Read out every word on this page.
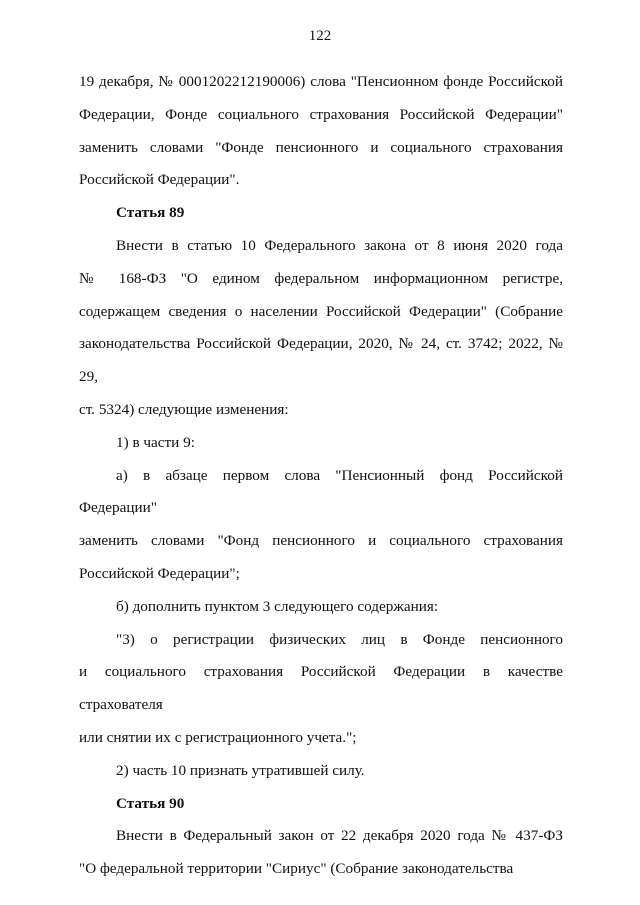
122
19 декабря, № 0001202212190006) слова "Пенсионном фонде Российской
Федерации, Фонде социального страхования Российской Федерации"
заменить словами "Фонде пенсионного и социального страхования
Российской Федерации".

Статья 89

Внести в статью 10 Федерального закона от 8 июня 2020 года
№ 168-ФЗ "О едином федеральном информационном регистре,
содержащем сведения о населении Российской Федерации" (Собрание
законодательства Российской Федерации, 2020, № 24, ст. 3742; 2022, № 29,
ст. 5324) следующие изменения:
1) в части 9:
а) в абзаце первом слова "Пенсионный фонд Российской Федерации"
заменить словами "Фонд пенсионного и социального страхования
Российской Федерации";
б) дополнить пунктом 3 следующего содержания:
"3) о регистрации физических лиц в Фонде пенсионного
и социального страхования Российской Федерации в качестве страхователя
или снятии их с регистрационного учета.";
2) часть 10 признать утратившей силу.

Статья 90

Внести в Федеральный закон от 22 декабря 2020 года № 437-ФЗ
"О федеральной территории "Сириус" (Собрание законодательства
